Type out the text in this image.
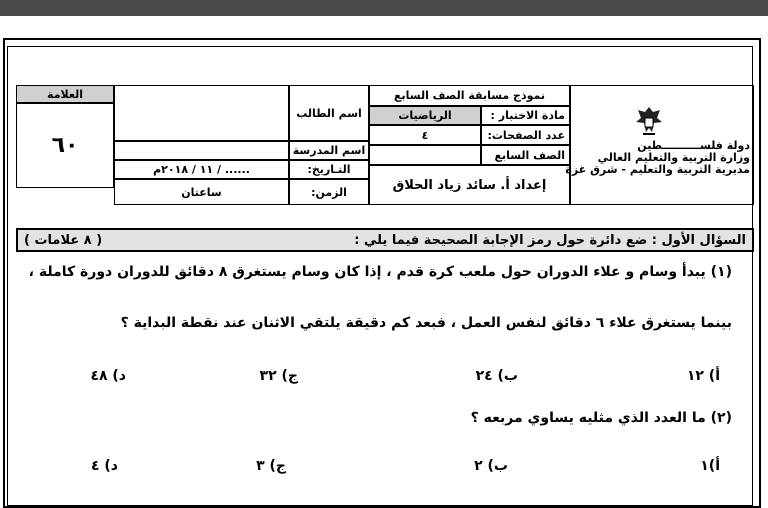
العلامة
٦٠
اسم الطالب
اسم المدرسة
...... / ١١ / ٢٠١٨م	التـاريخ:
ساعتان	الزمن:
نموذج مسابقة الصف السابع
الرياضيات	مادة الاختبار :
٤	عدد الصفحات:
الصف السابع
إعداد أ. سائد زياد الحلاق
دولة فلســــــــــطين
وزارة التربية والتعليم العالي
مديرية التربية والتعليم - شرق غزة
السؤال الأول : ضع دائرة حول رمز الإجابة الصحيحة فيما يلي :
( ٨ علامات )
(١) يبدأ وسام و علاء الدوران حول ملعب كرة قدم ، إذا كان وسام يستغرق ٨ دقائق للدوران دورة كاملة ،
بينما يستغرق علاء ٦ دقائق لنفس العمل ، فبعد كم دقيقة يلتقي الاثنان عند نقطة البداية ؟
أ) ١٢
ب) ٢٤
ج) ٣٢
د) ٤٨
(٢) ما العدد الذي مثليه يساوي مربعه ؟
أ)١
ب) ٢
ج) ٣
د) ٤
